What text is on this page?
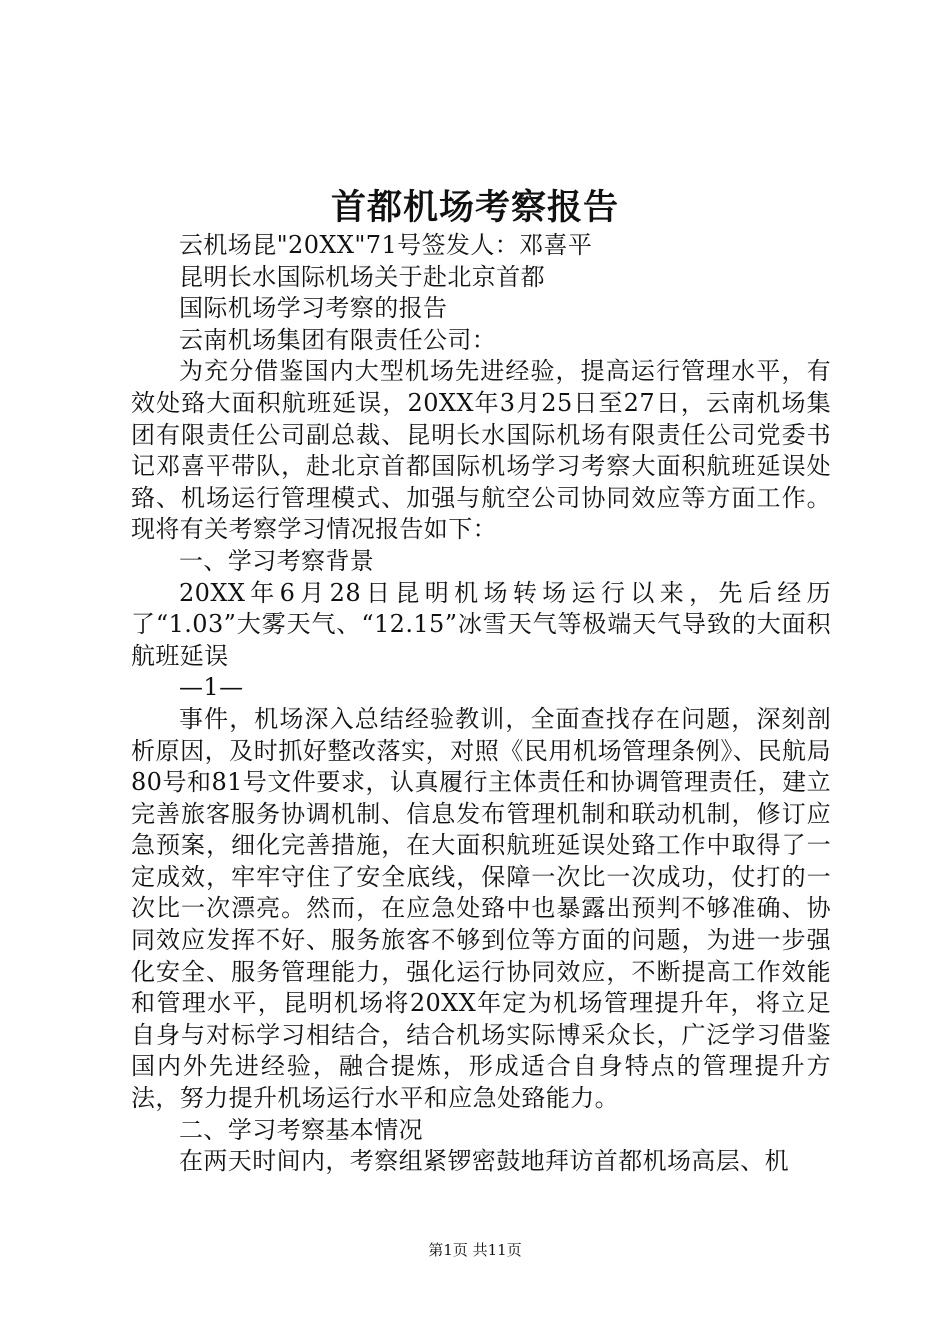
首都机场考察报告

云机场昆"20XX"71号签发人：邓喜平

昆明长水国际机场关于赴北京首都

国际机场学习考察的报告

云南机场集团有限责任公司：

为充分借鉴国内大型机场先进经验，提高运行管理水平，有效处臵大面积航班延误，20XX年3月25日至27日，云南机场集团有限责任公司副总裁、昆明长水国际机场有限责任公司党委书记邓喜平带队，赴北京首都国际机场学习考察大面积航班延误处臵、机场运行管理模式、加强与航空公司协同效应等方面工作。现将有关考察学习情况报告如下：

一、学习考察背景

20XX年6月28日昆明机场转场运行以来，先后经历了“1.03”大雾天气、“12.15”冰雪天气等极端天气导致的大面积航班延误

—1—

事件，机场深入总结经验教训，全面查找存在问题，深刻剖析原因，及时抓好整改落实，对照《民用机场管理条例》、民航局80号和81号文件要求，认真履行主体责任和协调管理责任，建立完善旅客服务协调机制、信息发布管理机制和联动机制，修订应急预案，细化完善措施，在大面积航班延误处臵工作中取得了一定成效，牢牢守住了安全底线，保障一次比一次成功，仗打的一次比一次漂亮。然而，在应急处臵中也暴露出预判不够准确、协同效应发挥不好、服务旅客不够到位等方面的问题，为进一步强化安全、服务管理能力，强化运行协同效应，不断提高工作效能和管理水平，昆明机场将20XX年定为机场管理提升年，将立足自身与对标学习相结合，结合机场实际博采众长，广泛学习借鉴国内外先进经验，融合提炼，形成适合自身特点的管理提升方法，努力提升机场运行水平和应急处臵能力。

二、学习考察基本情况

在两天时间内，考察组紧锣密鼓地拜访首都机场高层、机

第1页 共11页
